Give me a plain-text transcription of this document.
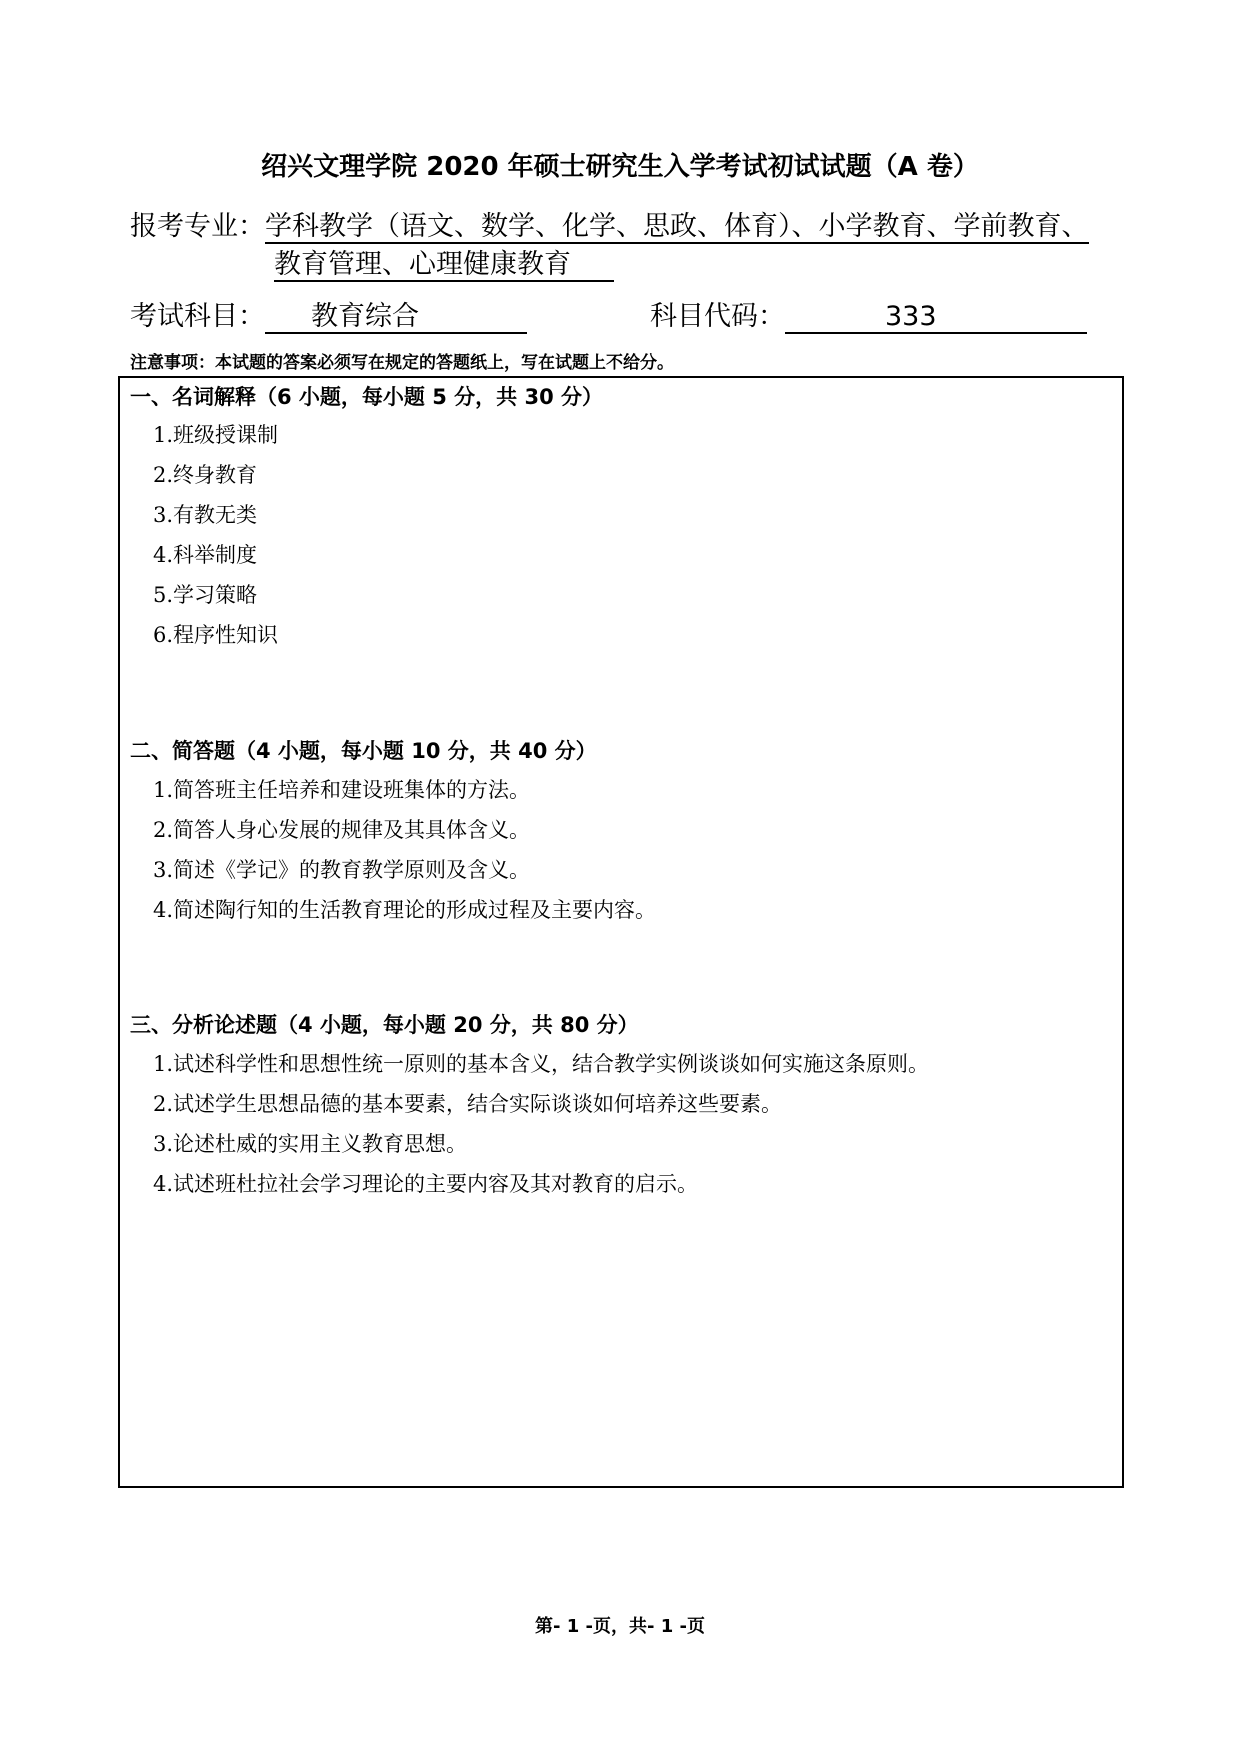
绍兴文理学院 2020 年硕士研究生入学考试初试试题（A 卷）
报考专业：学科教学（语文、数学、化学、思政、体育）、小学教育、学前教育、
教育管理、心理健康教育
考试科目： 教育综合	科目代码：	333
注意事项：本试题的答案必须写在规定的答题纸上，写在试题上不给分。
一、名词解释（6 小题，每小题 5 分，共 30 分）
1.班级授课制
2.终身教育
3.有教无类
4.科举制度
5.学习策略
6.程序性知识
二、简答题（4 小题，每小题 10 分，共 40 分）
1.简答班主任培养和建设班集体的方法。
2.简答人身心发展的规律及其具体含义。
3.简述《学记》的教育教学原则及含义。
4.简述陶行知的生活教育理论的形成过程及主要内容。
三、分析论述题（4 小题，每小题 20 分，共 80 分）
1.试述科学性和思想性统一原则的基本含义，结合教学实例谈谈如何实施这条原则。
2.试述学生思想品德的基本要素，结合实际谈谈如何培养这些要素。
3.论述杜威的实用主义教育思想。
4.试述班杜拉社会学习理论的主要内容及其对教育的启示。
第- 1 -页，共- 1 -页
